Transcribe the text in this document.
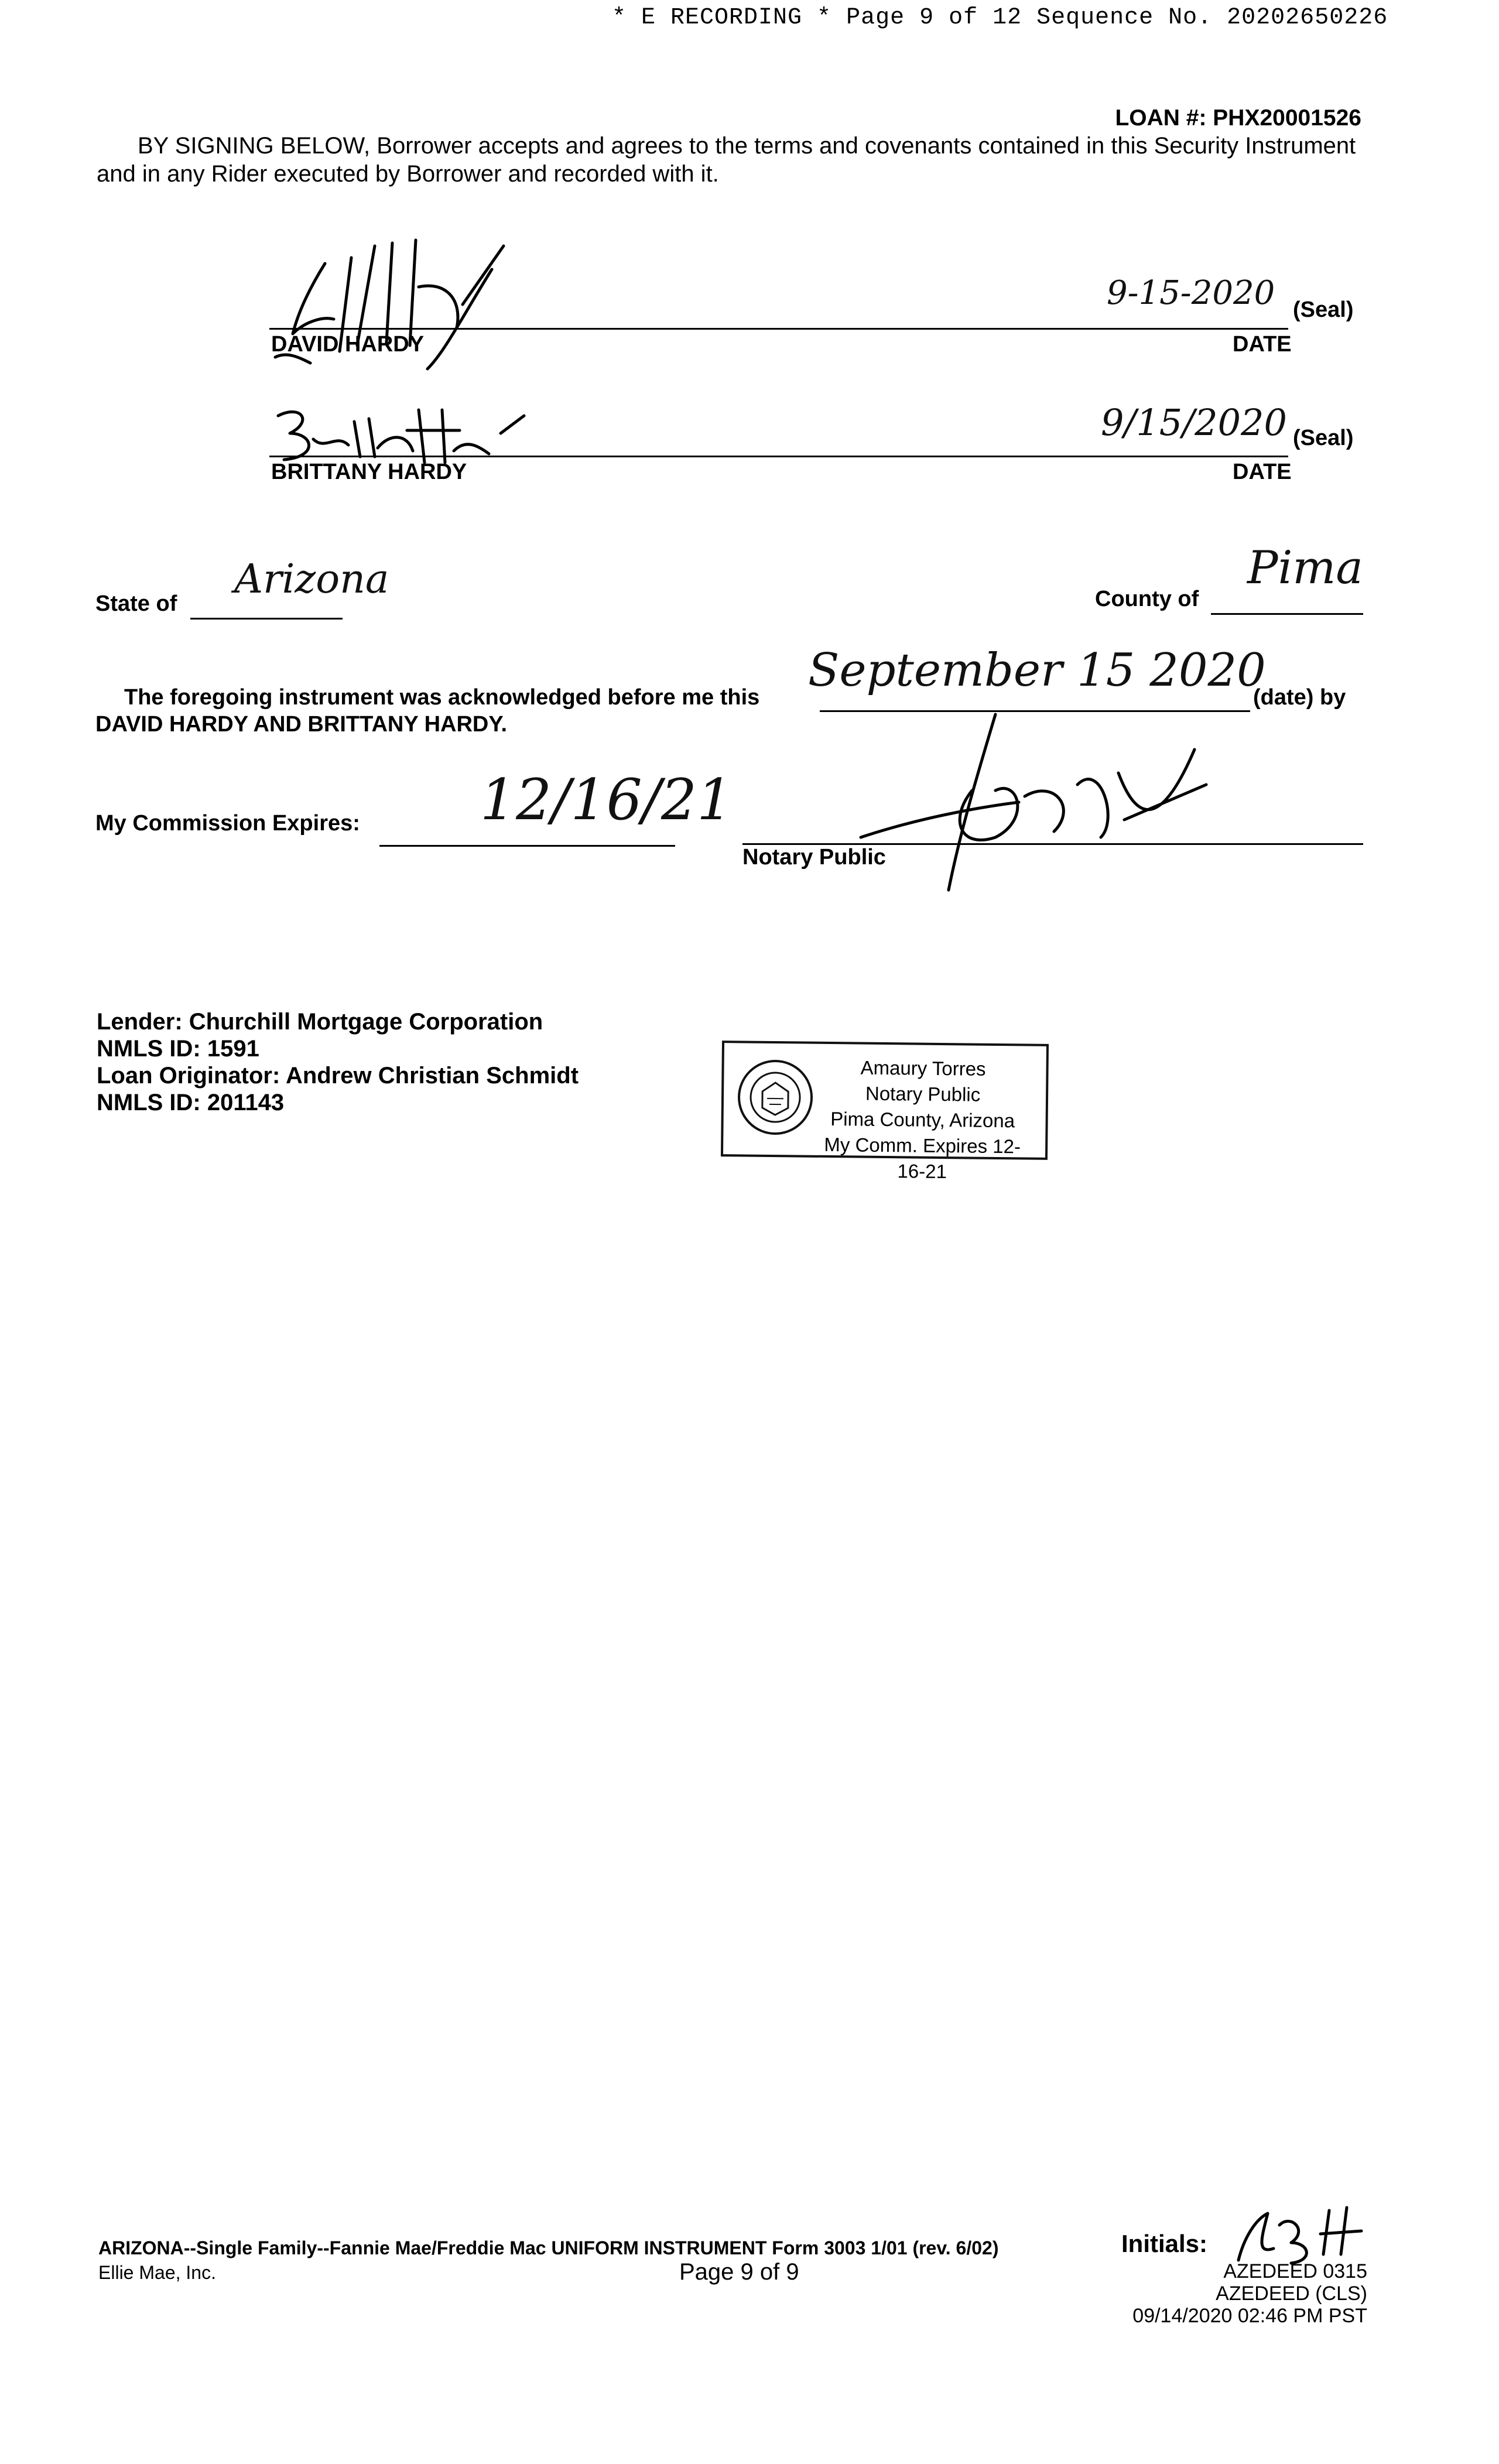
* E RECORDING * Page 9 of 12 Sequence No. 20202650226
LOAN #: PHX20001526
BY SIGNING BELOW, Borrower accepts and agrees to the terms and covenants contained in this Security Instrument and in any Rider executed by Borrower and recorded with it.
DAVID HARDY	DATE
(Seal)
9-15-2020
BRITTANY HARDY	DATE
(Seal)
9/15/2020
State of
Arizona	County of
Pima
The foregoing instrument was acknowledged before me this
September 15 2020
(date) by
DAVID HARDY AND BRITTANY HARDY.
My Commission Expires: 12/16/21
Notary Public
Lender: Churchill Mortgage Corporation
NMLS ID: 1591
Loan Originator: Andrew Christian Schmidt
NMLS ID: 201143
Amaury Torres
Notary Public
Pima County, Arizona
My Comm. Expires 12-16-21
ARIZONA--Single Family--Fannie Mae/Freddie Mac UNIFORM INSTRUMENT Form 3003 1/01 (rev. 6/02)
Ellie Mae, Inc.	Page 9 of 9
Initials:
AZEDEED 0315
AZEDEED (CLS)
09/14/2020 02:46 PM PST
